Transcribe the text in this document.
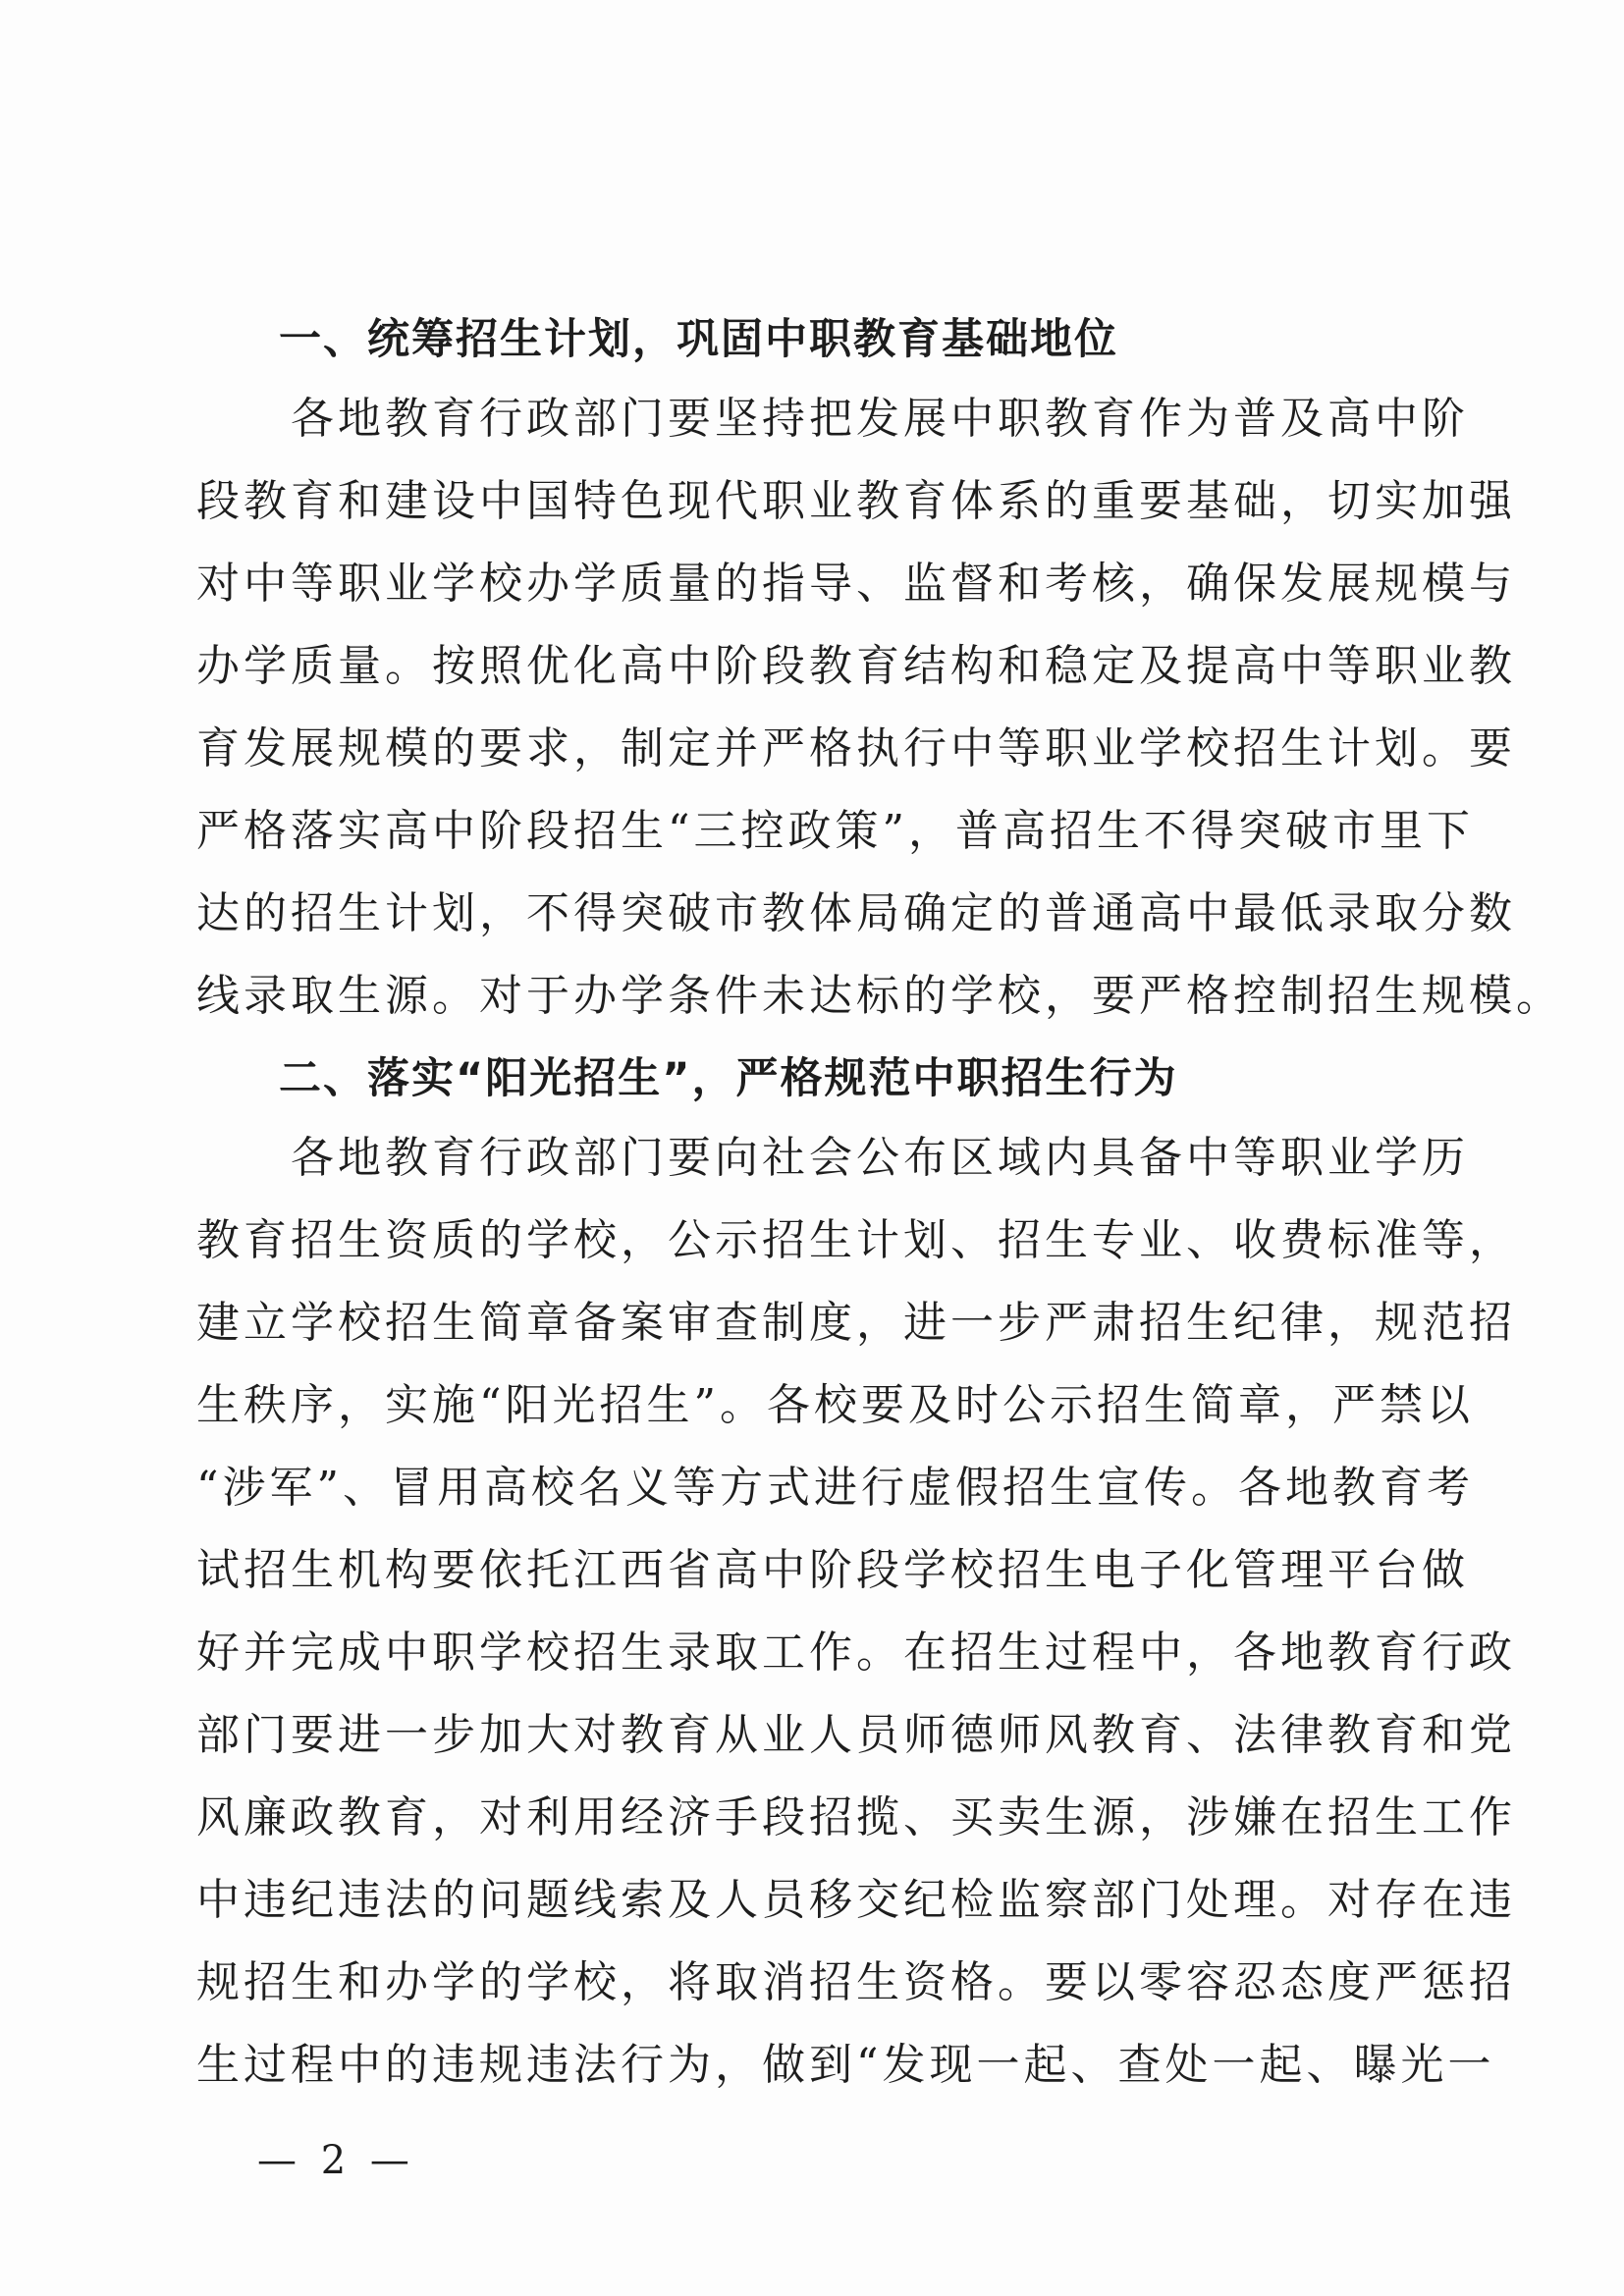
一、统筹招生计划，巩固中职教育基础地位
　　各地教育行政部门要坚持把发展中职教育作为普及高中阶
段教育和建设中国特色现代职业教育体系的重要基础，切实加强
对中等职业学校办学质量的指导、监督和考核，确保发展规模与
办学质量。按照优化高中阶段教育结构和稳定及提高中等职业教
育发展规模的要求，制定并严格执行中等职业学校招生计划。要
严格落实高中阶段招生“三控政策”，普高招生不得突破市里下
达的招生计划，不得突破市教体局确定的普通高中最低录取分数
线录取生源。对于办学条件未达标的学校，要严格控制招生规模。
二、落实“阳光招生”，严格规范中职招生行为
　　各地教育行政部门要向社会公布区域内具备中等职业学历
教育招生资质的学校，公示招生计划、招生专业、收费标准等，
建立学校招生简章备案审查制度，进一步严肃招生纪律，规范招
生秩序，实施“阳光招生”。各校要及时公示招生简章，严禁以
“涉军”、冒用高校名义等方式进行虚假招生宣传。各地教育考
试招生机构要依托江西省高中阶段学校招生电子化管理平台做
好并完成中职学校招生录取工作。在招生过程中，各地教育行政
部门要进一步加大对教育从业人员师德师风教育、法律教育和党
风廉政教育，对利用经济手段招揽、买卖生源，涉嫌在招生工作
中违纪违法的问题线索及人员移交纪检监察部门处理。对存在违
规招生和办学的学校，将取消招生资格。要以零容忍态度严惩招
生过程中的违规违法行为，做到“发现一起、查处一起、曝光一
— 2 —
